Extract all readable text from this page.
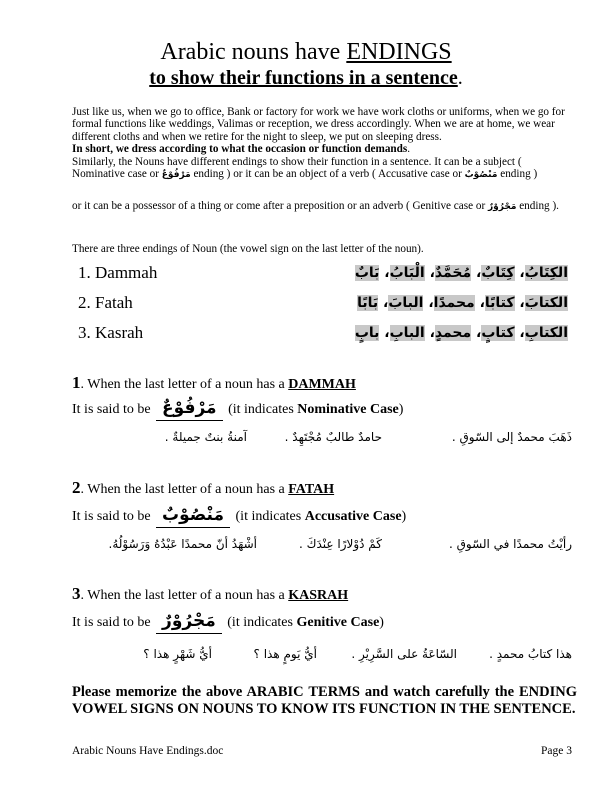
Arabic nouns have ENDINGS
to show their functions in a sentence.
Just like us, when we go to office, Bank or factory for work we have work cloths or uniforms, when we go for formal functions like weddings, Valimas or reception, we dress accordingly. When we are at home, we wear different cloths and when we retire for the night to sleep, we put on sleeping dress.
In short, we dress according to what the occasion or function demands.
Similarly, the Nouns have different endings to show their function in a sentence. It can be a subject ( Nominative case or مَرْفُوْعٌ ending ) or it can be an object of a verb ( Accusative case or مَنْصُوْبٌ ending )
or it can be a possessor of a thing or come after a preposition or an adverb ( Genitive case or مَجْرُوْرٌ ending ).
There are three endings of Noun (the vowel sign on the last letter of the noun).
1. Dammah
2. Fatah
3. Kasrah
الكِتَابُ، كِتَابٌ، مُحَمَّدٌ، الْبَابُ، بَابٌ
الكتابَ، كتابًا، محمدًا، البابَ، بَابًا
الكتابِ، كتابٍ، محمدٍ، البابِ، بابٍ
1. When the last letter of a noun has a DAMMAH
It is said to be مَرْفُوْعٌ (it indicates Nominative Case)
ذَهَبَ محمدٌ إلى السّوقِ .
حامدٌ طالبٌ مُجْتَهِدٌ .
آمنةُ بنتٌ جميلةٌ .
2. When the last letter of a noun has a FATAH
It is said to be مَنْصُوْبٌ (it indicates Accusative Case)
رأيْتُ محمدًا في السّوقِ .
كَمْ دُوْلارًا عِنْدَكَ .
أشْهَدُ أنّ محمدًا عَبْدُهُ وَرَسُوْلُهُ.
3. When the last letter of a noun has a KASRAH
It is said to be مَجْرُوْرٌ (it indicates Genitive Case)
هذا كتابُ محمدٍ .
السّاعَةُ على السَّرِيْرِ .
أيُّ يَومٍ هذا ؟
أيُّ شَهْرٍ هذا ؟
Please memorize the above ARABIC TERMS and watch carefully the ENDING VOWEL SIGNS ON NOUNS TO KNOW ITS FUNCTION IN THE SENTENCE.
Arabic Nouns Have Endings.doc	Page 3
